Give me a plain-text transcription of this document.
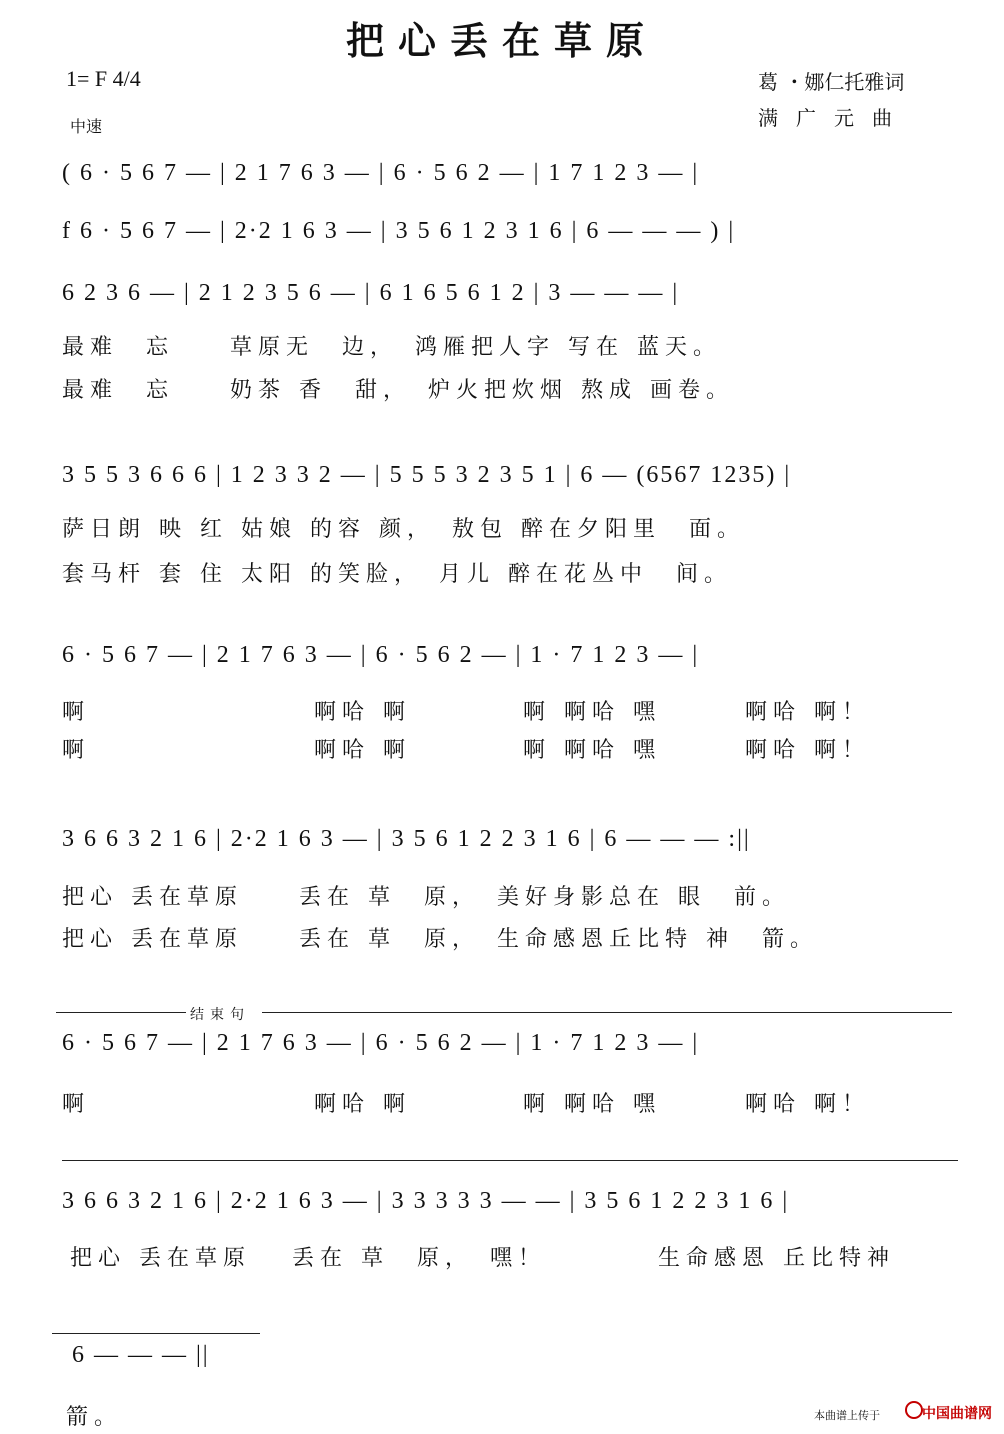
把心丢在草原
1= F 4/4
中速
葛 ・娜仁托雅词
满广元曲
( 6 · 5 6 7 — | 2 1 7 6 3 — | 6 · 5 6 2 — | 1 7 1 2 3 — |
f 6 · 5 6 7 — | 2·2 1 6 3 — | 3 5 6 1 2 3 1 6 | 6 — — — ) |
6 2 3 6 — | 2 1 2 3 5 6 — | 6 1 6 5 6 1 2 | 3 — — — |
最难　忘　　草原无　边，　鸿雁把人字 写在 蓝天。
最难　忘　　奶茶 香　甜，　炉火把炊烟 熬成 画卷。
3 5 5 3 6 6 6 | 1 2 3 3 2 — | 5 5 5 3 2 3 5 1 | 6 — (6567 1235) |
萨日朗 映 红 姑娘 的容 颜，　敖包 醉在夕阳里　面。
套马杆 套 住 太阳 的笑脸，　月儿 醉在花丛中　间。
6 · 5 6 7 — | 2 1 7 6 3 — | 6 · 5 6 2 — | 1 · 7 1 2 3 — |
啊　　　　　　　　啊哈 啊　　　　啊 啊哈 嘿　　　啊哈 啊！
啊　　　　　　　　啊哈 啊　　　　啊 啊哈 嘿　　　啊哈 啊！
3 6 6 3 2 1 6 | 2·2 1 6 3 — | 3 5 6 1 2 2 3 1 6 | 6 — — — :||
把心 丢在草原　　丢在 草　原，　美好身影总在 眼　前。
把心 丢在草原　　丢在 草　原，　生命感恩丘比特 神　箭。
结束句
6 · 5 6 7 — | 2 1 7 6 3 — | 6 · 5 6 2 — | 1 · 7 1 2 3 — |
啊　　　　　　　　啊哈 啊　　　　啊 啊哈 嘿　　　啊哈 啊！
3 6 6 3 2 1 6 | 2·2 1 6 3 — | 3 3 3 3 3 — — | 3 5 6 1 2 2 3 1 6 |
把心 丢在草原　 丢在 草　原，　嘿！　　　　生命感恩 丘比特神
6 — — — ||
箭。	本曲谱上传于	中国曲谱网
